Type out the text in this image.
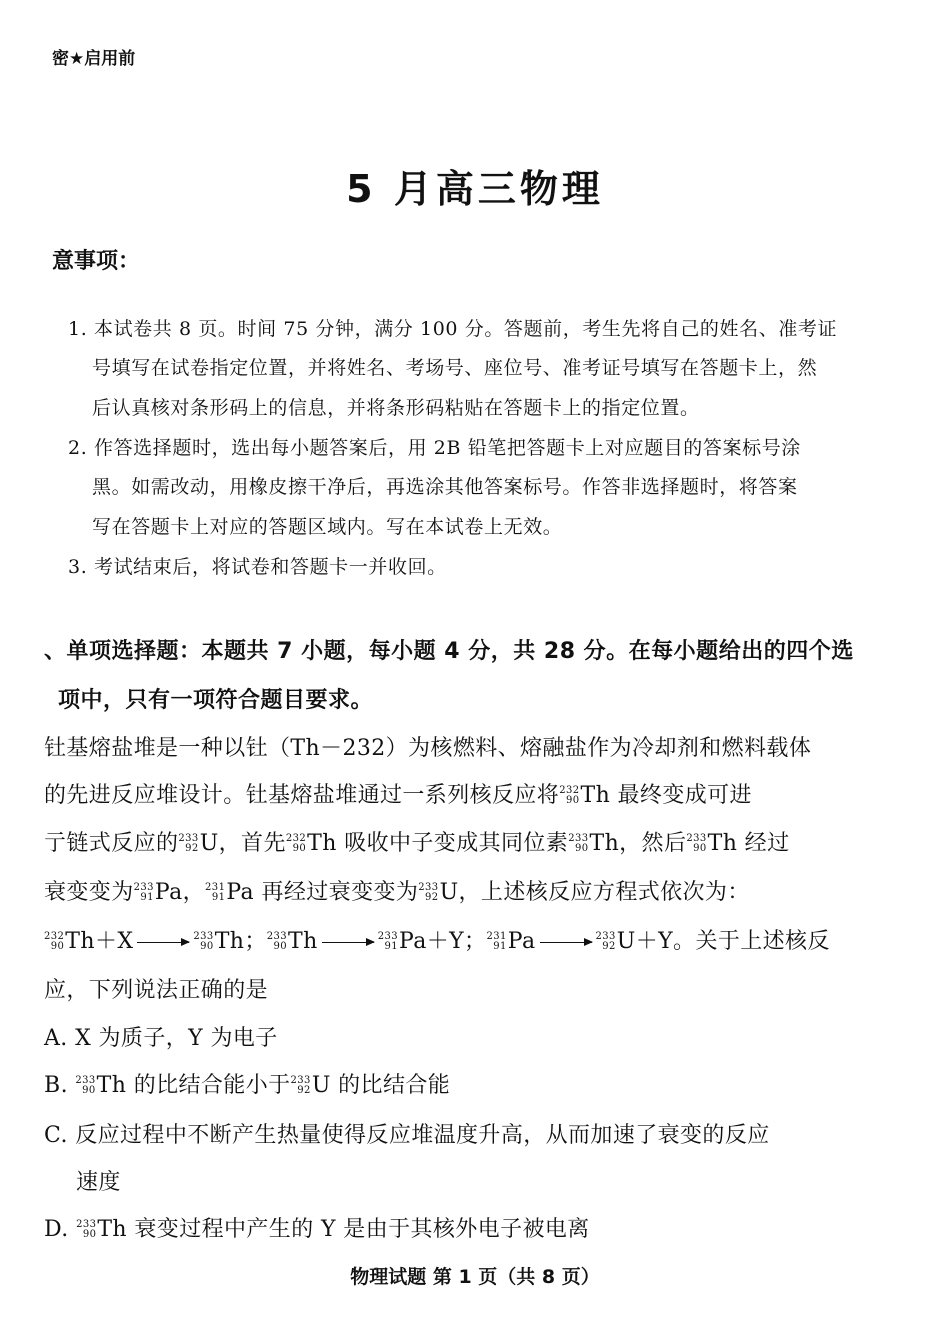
密★启用前
5 月高三物理
意事项：
1. 本试卷共 8 页。时间 75 分钟，满分 100 分。答题前，考生先将自己的姓名、准考证
号填写在试卷指定位置，并将姓名、考场号、座位号、准考证号填写在答题卡上，然
后认真核对条形码上的信息，并将条形码粘贴在答题卡上的指定位置。
2. 作答选择题时，选出每小题答案后，用 2B 铅笔把答题卡上对应题目的答案标号涂
黑。如需改动，用橡皮擦干净后，再选涂其他答案标号。作答非选择题时，将答案
写在答题卡上对应的答题区域内。写在本试卷上无效。
3. 考试结束后，将试卷和答题卡一并收回。
、单项选择题：本题共 7 小题，每小题 4 分，共 28 分。在每小题给出的四个选
项中，只有一项符合题目要求。
钍基熔盐堆是一种以钍（Th－232）为核燃料、熔融盐作为冷却剂和燃料载体
的先进反应堆设计。钍基熔盐堆通过一系列核反应将 232
90 Th 最终变成可进
亍链式反应的 233
92 U，首先 232
90 Th 吸收中子变成其同位素 233
90 Th，然后 233
90 Th 经过
衰变变为 233
91 Pa， 231
91 Pa 再经过衰变变为 233
92 U，上述核反应方程式依次为：
232
90 Th＋X → 233
90 Th； 233
90 Th → 233
91 Pa＋Y； 231
91 Pa → 233
92 U＋Y。关于上述核反
应，下列说法正确的是
A. X 为质子，Y 为电子
B. 233
90 Th 的比结合能小于 233
92 U 的比结合能
C. 反应过程中不断产生热量使得反应堆温度升高，从而加速了衰变的反应
速度
D. 233
90 Th 衰变过程中产生的 Y 是由于其核外电子被电离
物理试题 第 1 页（共 8 页）
